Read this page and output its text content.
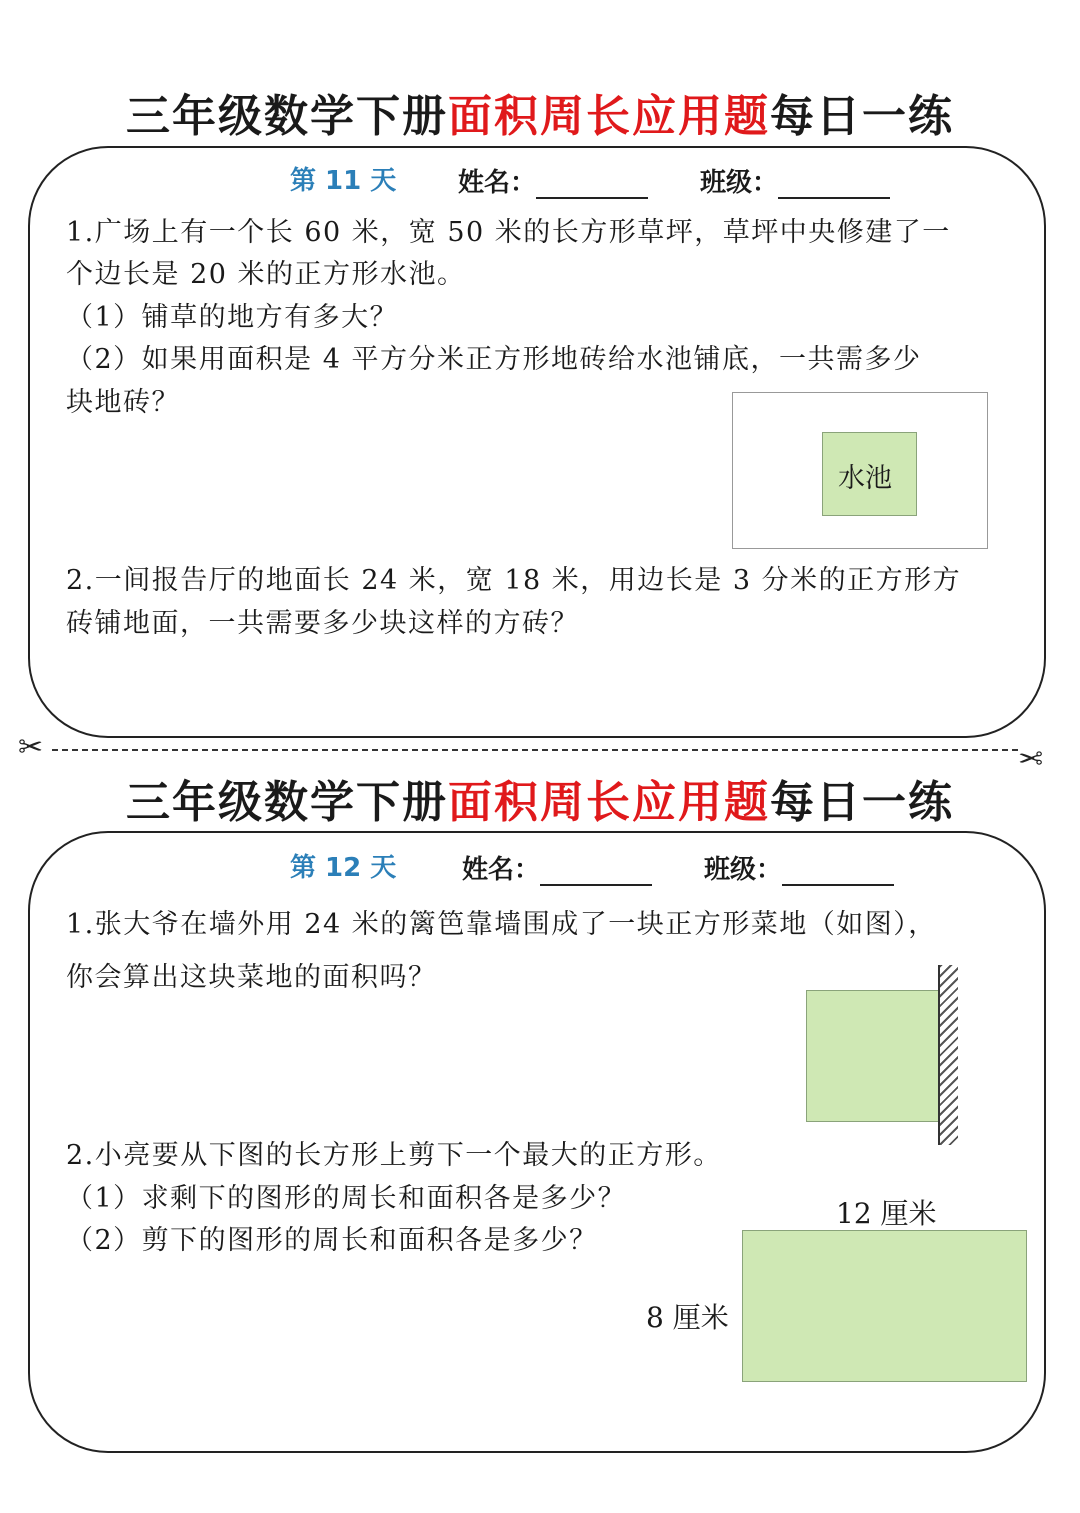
三年级数学下册面积周长应用题每日一练
第 11 天 姓名：	班级：
1.广场上有一个长 60 米，宽 50 米的长方形草坪，草坪中央修建了一
个边长是 20 米的正方形水池。
（1）铺草的地方有多大？
（2）如果用面积是 4 平方分米正方形地砖给水池铺底，一共需多少
块地砖？
水池
2.一间报告厅的地面长 24 米，宽 18 米，用边长是 3 分米的正方形方
砖铺地面，一共需要多少块这样的方砖？
✂	✂
三年级数学下册面积周长应用题每日一练
第 12 天	姓名：	班级：
1.张大爷在墙外用 24 米的篱笆靠墙围成了一块正方形菜地（如图），
你会算出这块菜地的面积吗？
2.小亮要从下图的长方形上剪下一个最大的正方形。
（1）求剩下的图形的周长和面积各是多少？
（2）剪下的图形的周长和面积各是多少？
12 厘米
8 厘米
